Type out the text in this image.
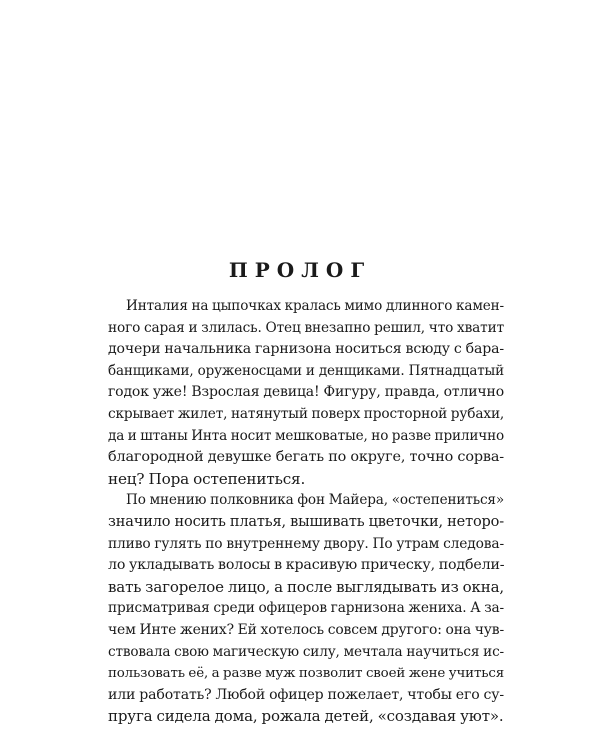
ПРОЛОГ
Инталия на цыпочках кралась мимо длинного камен-
ного сарая и злилась. Отец внезапно решил, что хватит
дочери начальника гарнизона носиться всюду с бара-
банщиками, оруженосцами и денщиками. Пятнадцатый
годок уже! Взрослая девица! Фигуру, правда, отлично
скрывает жилет, натянутый поверх просторной рубахи,
да и штаны Инта носит мешковатые, но разве прилично
благородной девушке бегать по округе, точно сорва-
нец? Пора остепениться.
По мнению полковника фон Майера, «остепениться»
значило носить платья, вышивать цветочки, неторо-
пливо гулять по внутреннему двору. По утрам следова-
ло укладывать волосы в красивую прическу, подбели-
вать загорелое лицо, а после выглядывать из окна,
присматривая среди офицеров гарнизона жениха. А за-
чем Инте жених? Ей хотелось совсем другого: она чув-
ствовала свою магическую силу, мечтала научиться ис-
пользовать её, а разве муж позволит своей жене учиться
или работать? Любой офицер пожелает, чтобы его су-
пруга сидела дома, рожала детей, «создавая уют».
